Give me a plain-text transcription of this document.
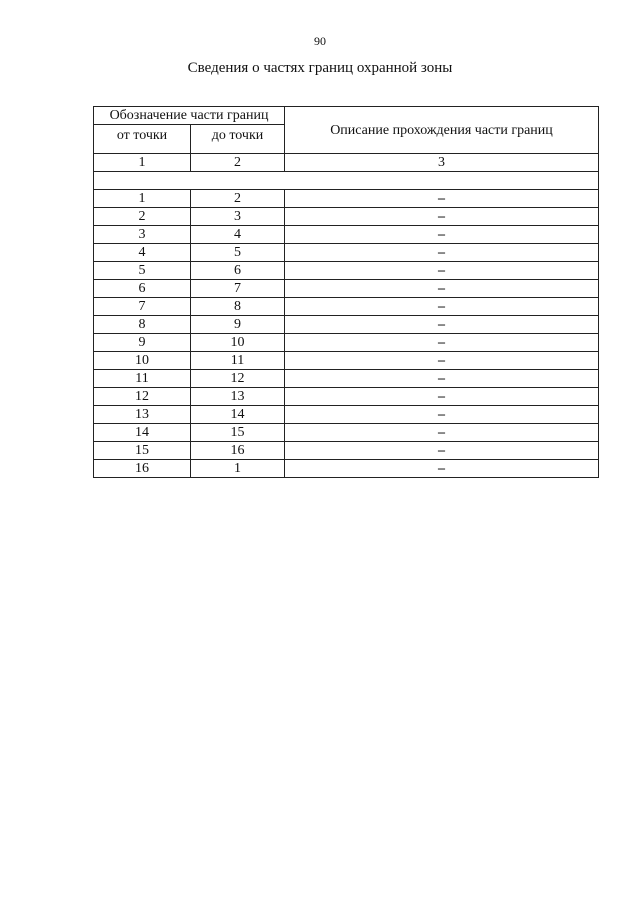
90
Сведения о частях границ охранной зоны
Обозначение части границ		Описание прохождения части границ
от точки	до точки	
1	2	3

1	2	–
2	3	–
3	4	–
4	5	–
5	6	–
6	7	–
7	8	–
8	9	–
9	10	–
10	11	–
11	12	–
12	13	–
13	14	–
14	15	–
15	16	–
16	1	–
